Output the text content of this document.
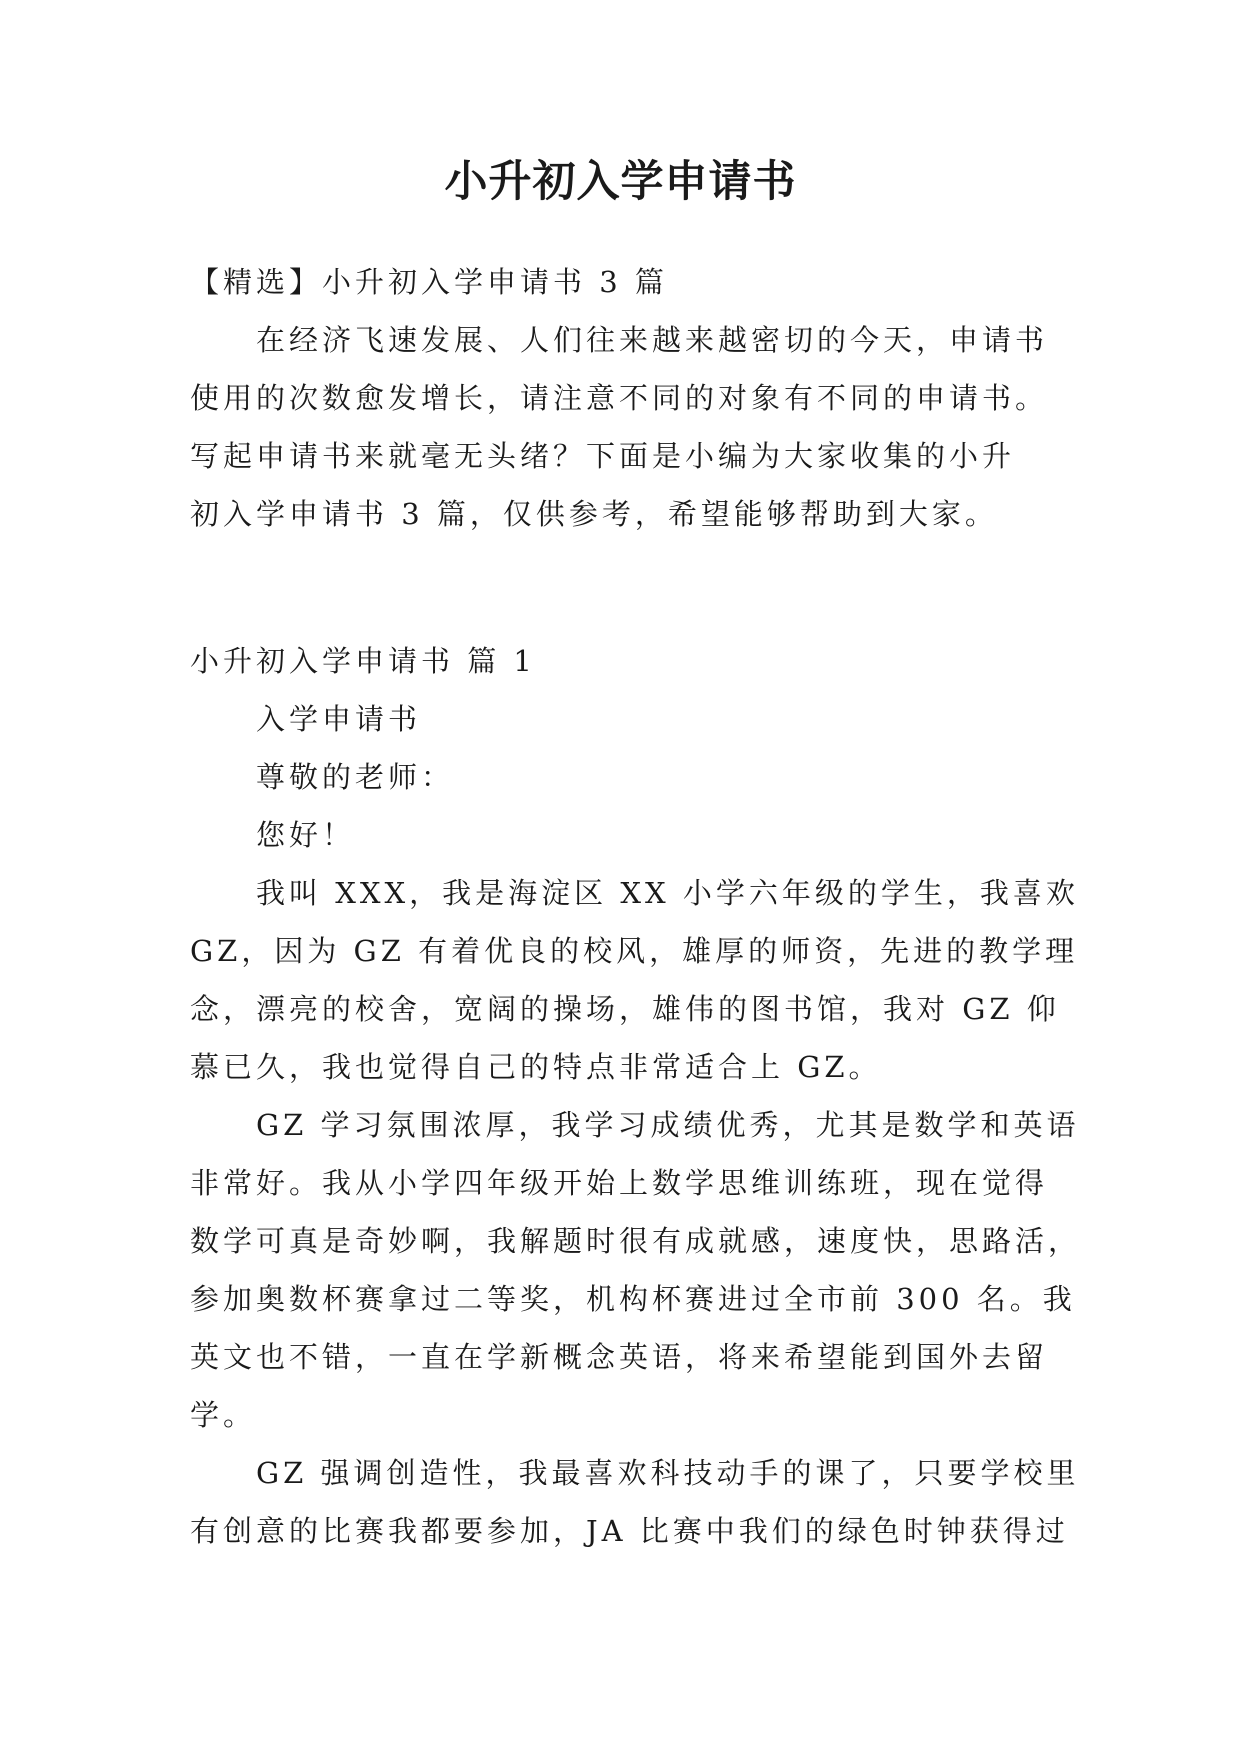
小升初入学申请书
【精选】小升初入学申请书 3 篇
在经济飞速发展、人们往来越来越密切的今天，申请书
使用的次数愈发增长，请注意不同的对象有不同的申请书。
写起申请书来就毫无头绪？下面是小编为大家收集的小升
初入学申请书 3 篇，仅供参考，希望能够帮助到大家。
小升初入学申请书 篇 1
入学申请书
尊敬的老师：
您好！
我叫 XXX，我是海淀区 XX 小学六年级的学生，我喜欢
GZ，因为 GZ 有着优良的校风，雄厚的师资，先进的教学理
念，漂亮的校舍，宽阔的操场，雄伟的图书馆，我对 GZ 仰
慕已久，我也觉得自己的特点非常适合上 GZ。
GZ 学习氛围浓厚，我学习成绩优秀，尤其是数学和英语
非常好。我从小学四年级开始上数学思维训练班，现在觉得
数学可真是奇妙啊，我解题时很有成就感，速度快，思路活，
参加奥数杯赛拿过二等奖，机构杯赛进过全市前 300 名。我
英文也不错，一直在学新概念英语，将来希望能到国外去留
学。
GZ 强调创造性，我最喜欢科技动手的课了，只要学校里
有创意的比赛我都要参加，JA 比赛中我们的绿色时钟获得过
